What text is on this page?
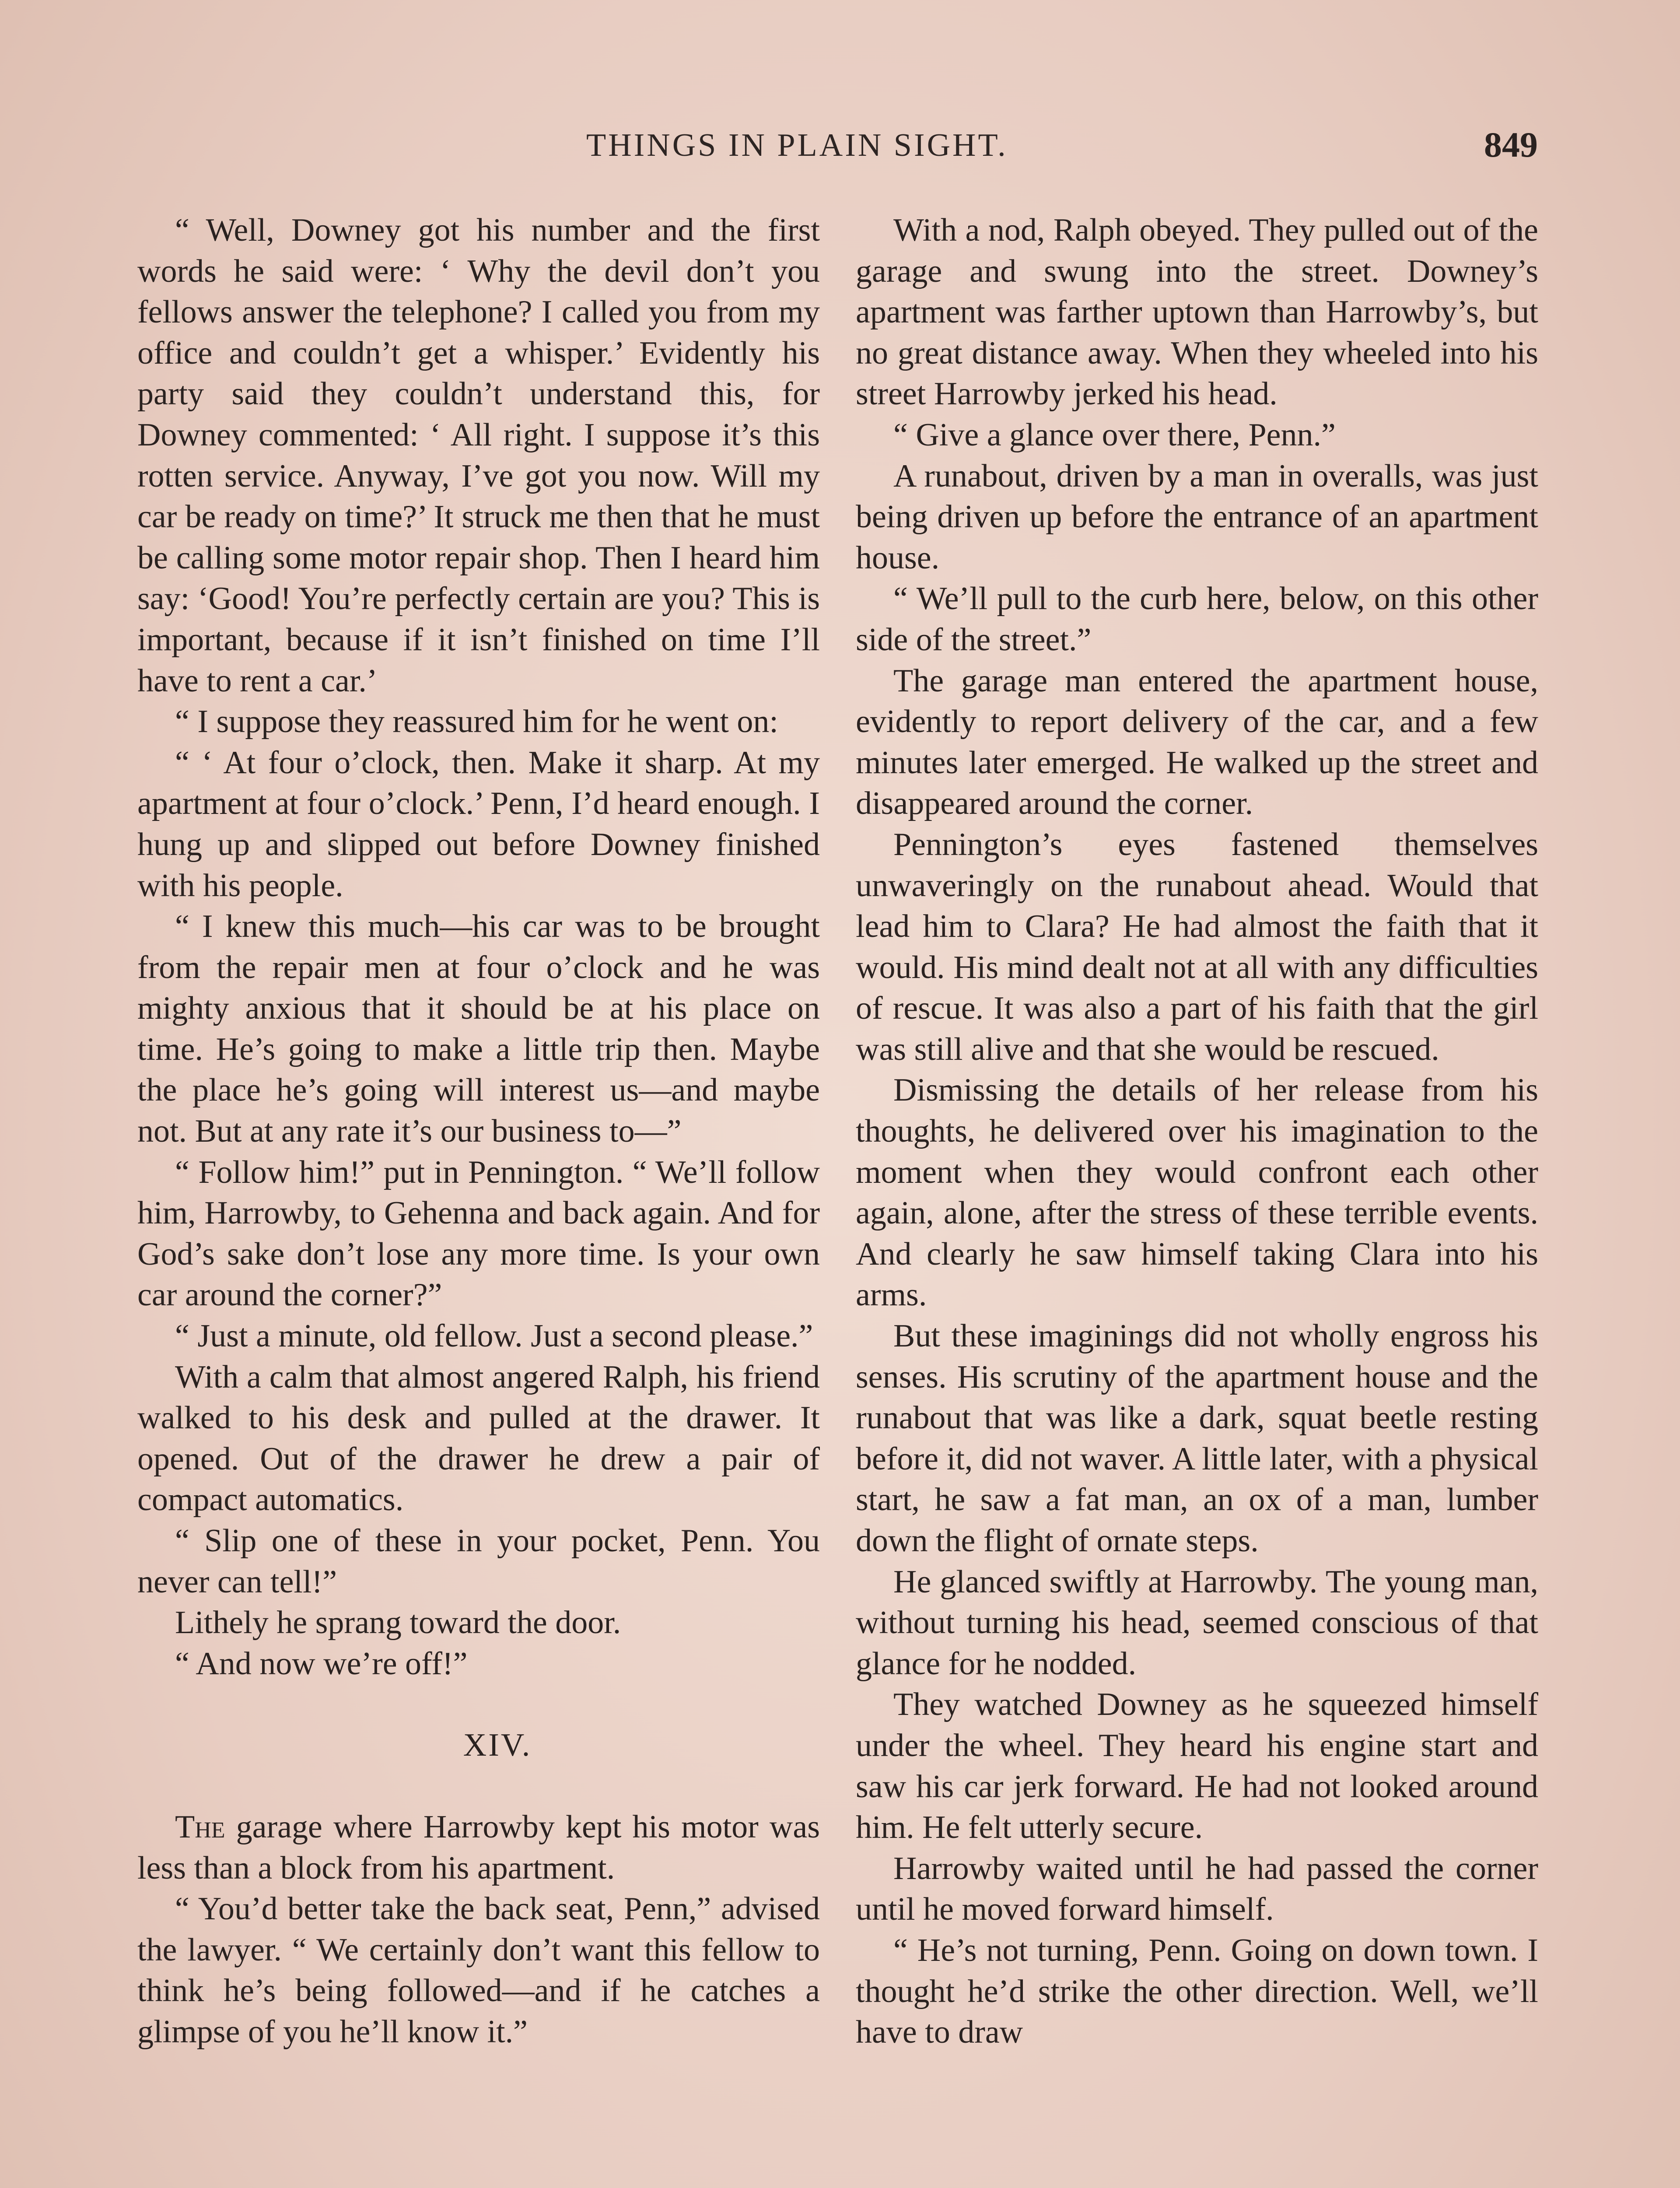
THINGS IN PLAIN SIGHT.	849

“ Well, Downey got his number and the first words he said were: ‘ Why the devil don’t you fellows answer the telephone? I called you from my office and couldn’t get a whisper.’ Evidently his party said they couldn’t understand this, for Downey commented: ‘ All right. I suppose it’s this rotten service. Anyway, I’ve got you now. Will my car be ready on time?’ It struck me then that he must be calling some motor repair shop. Then I heard him say: ‘Good! You’re perfectly certain are you? This is important, because if it isn’t finished on time I’ll have to rent a car.’

“ I suppose they reassured him for he went on:

“ ‘ At four o’clock, then. Make it sharp. At my apartment at four o’clock.’ Penn, I’d heard enough. I hung up and slipped out before Downey finished with his people.

“ I knew this much—his car was to be brought from the repair men at four o’clock and he was mighty anxious that it should be at his place on time. He’s going to make a little trip then. Maybe the place he’s going will interest us—and maybe not. But at any rate it’s our business to—”

“ Follow him!” put in Pennington. “ We’ll follow him, Harrowby, to Gehenna and back again. And for God’s sake don’t lose any more time. Is your own car around the corner?”

“ Just a minute, old fellow. Just a second please.”

With a calm that almost angered Ralph, his friend walked to his desk and pulled at the drawer. It opened. Out of the drawer he drew a pair of compact automatics.

“ Slip one of these in your pocket, Penn. You never can tell!”

Lithely he sprang toward the door.

“ And now we’re off!”

XIV.

The garage where Harrowby kept his motor was less than a block from his apartment.

“ You’d better take the back seat, Penn,” advised the lawyer. “ We certainly don’t want this fellow to think he’s being followed—and if he catches a glimpse of you he’ll know it.”

With a nod, Ralph obeyed. They pulled out of the garage and swung into the street. Downey’s apartment was farther uptown than Harrowby’s, but no great distance away. When they wheeled into his street Harrowby jerked his head.

“ Give a glance over there, Penn.”

A runabout, driven by a man in overalls, was just being driven up before the entrance of an apartment house.

“ We’ll pull to the curb here, below, on this other side of the street.”

The garage man entered the apartment house, evidently to report delivery of the car, and a few minutes later emerged. He walked up the street and disappeared around the corner.

Pennington’s eyes fastened themselves unwaveringly on the runabout ahead. Would that lead him to Clara? He had almost the faith that it would. His mind dealt not at all with any difficulties of rescue. It was also a part of his faith that the girl was still alive and that she would be rescued.

Dismissing the details of her release from his thoughts, he delivered over his imagination to the moment when they would confront each other again, alone, after the stress of these terrible events. And clearly he saw himself taking Clara into his arms.

But these imaginings did not wholly engross his senses. His scrutiny of the apartment house and the runabout that was like a dark, squat beetle resting before it, did not waver. A little later, with a physical start, he saw a fat man, an ox of a man, lumber down the flight of ornate steps.

He glanced swiftly at Harrowby. The young man, without turning his head, seemed conscious of that glance for he nodded.

They watched Downey as he squeezed himself under the wheel. They heard his engine start and saw his car jerk forward. He had not looked around him. He felt utterly secure.

Harrowby waited until he had passed the corner until he moved forward himself.

“ He’s not turning, Penn. Going on down town. I thought he’d strike the other direction. Well, we’ll have to draw
